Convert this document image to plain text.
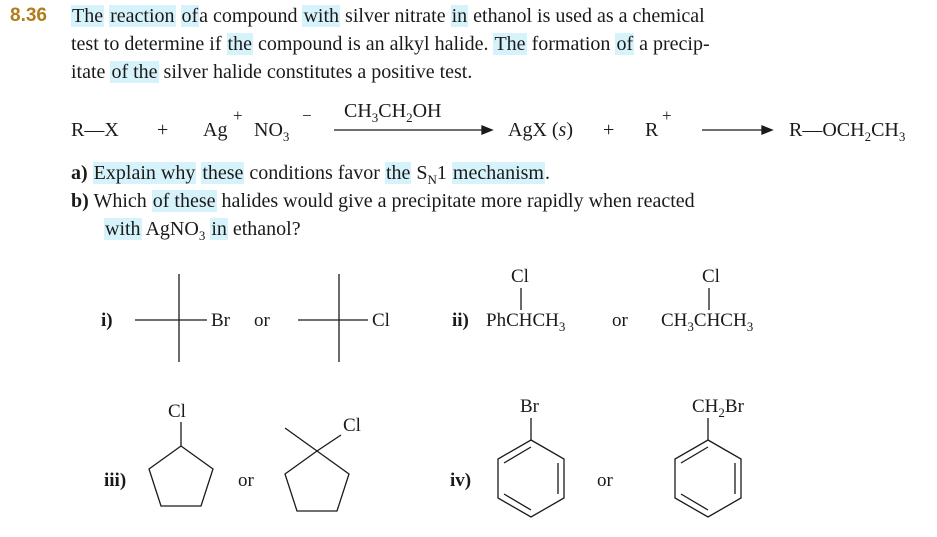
8.36 The reaction ofa compound with silver nitrate in ethanol is used as a chemical
test to determine if the compound is an alkyl halide. The formation of a precip-
itate of the silver halide constitutes a positive test.
R—X + Ag
+
$NO_3$
− $CH_3CH_2OH$
AgX (s) + R
+
$R—OCH_2CH_3$
a) Explain why these conditions favor the $S_N1$ mechanism.
b) Which of these halides would give a precipitate more rapidly when reacted
with AgNO$_3$ in ethanol?
i)	Br or	Cl	ii)
Cl
PhCHCH$_3$ or
Cl
$CH_3CHCH_3$
iii)
Cl
or
Cl
iv)
Br
or
$CH_2Br$
